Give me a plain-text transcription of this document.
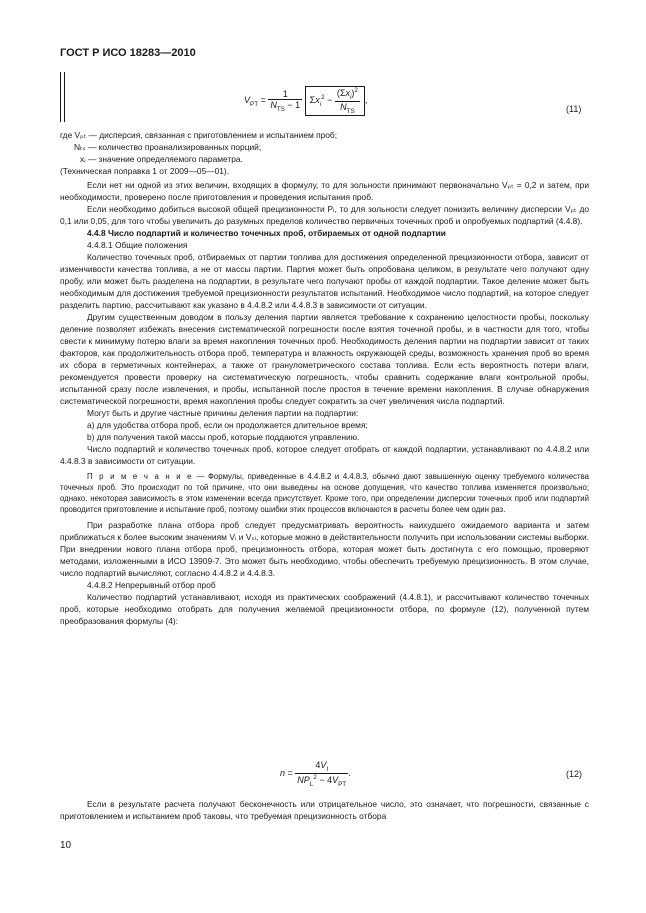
ГОСТ Р ИСО 18283—2010
$V_{PT} = \frac{1}{N_{TS} - 1} \Sigma x_i^2 - \frac{(\Sigma x_i)^2}{N_{TS}}$ ,
(11)

где Vₚₜ — дисперсия, связанная с приготовлением и испытанием проб;

Nₜₛ — количество проанализированных порций;

xᵢ — значение определяемого параметра.

(Техническая поправка 1 от 2009—05—01).

Если нет ни одной из этих величин, входящих в формулу, то для зольности принимают первоначально Vₚₜ = 0,2 и затем, при необходимости, проверено после приготовления и проведения испытания проб.

Если необходимо добиться высокой общей прецизионности Pₗ, то для зольности следует понизить величину дисперсии Vₚₜ до 0,1 или 0,05, для того чтобы увеличить до разумных пределов количество первичных точечных проб и опробуемых подпартий (4.4.8).

4.4.8 Число подпартий и количество точечных проб, отбираемых от одной подпартии

4.4.8.1 Общие положения

Количество точечных проб, отбираемых от партии топлива для достижения определенной прецизионности отбора, зависит от изменчивости качества топлива, а не от массы партии. Партия может быть опробована целиком, в результате чего получают одну пробу, или может быть разделена на подпартии, в результате чего получают пробы от каждой подпартии. Такое деление может быть необходимым для достижения требуемой прецизионности результатов испытаний. Необходимое число подпартий, на которое следует разделить партию, рассчитывают как указано в 4.4.8.2 или 4.4.8.3 в зависимости от ситуации.

Другим существенным доводом в пользу деления партии является требование к сохранению целостности пробы, поскольку деление позволяет избежать внесения систематической погрешности после взятия точечной пробы, и в частности для того, чтобы свести к минимуму потерю влаги за время накопления точечных проб. Необходимость деления партии на подпартии зависит от таких факторов, как продолжительность отбора проб, температура и влажность окружающей среды, возможность хранения проб во время их сбора в герметичных контейнерах, а также от гранулометрического состава топлива. Если есть вероятность потери влаги, рекомендуется провести проверку на систематическую погрешность, чтобы сравнить содержание влаги контрольной пробы, испытанной сразу после извлечения, и пробы, испытанной после простоя в течение времени накопления. В случае обнаружения систематической погрешности, время накопления пробы следует сократить за счет увеличения числа подпартий.

Могут быть и другие частные причины деления партии на подпартии:

а) для удобства отбора проб, если он продолжается длительное время;

b) для получения такой массы проб, которые поддаются управлению.

Число подпартий и количество точечных проб, которое следует отобрать от каждой подпартии, устанавливают по 4.4.8.2 или 4.4.8.3 в зависимости от ситуации.

П р и м е ч а н и е — Формулы, приведенные в 4.4.8.2 и 4.4.8.3, обычно дают завышенную оценку требуемого количества точечных проб. Это происходит по той причине, что они выведены на основе допущения, что качество топлива изменяется произвольно; однако, некоторая зависимость в этом изменении всегда присутствует. Кроме того, при определении дисперсии точечных проб или подпартий проводится приготовление и испытание проб, поэтому ошибки этих процессов включаются в расчеты более чем один раз.

При разработке плана отбора проб следует предусматривать вероятность наихудшего ожидаемого варианта и затем приближаться к более высоким значениям Vᵢ и Vₛₗ, которые можно в действительности получить при использовании системы выборки. При внедрении нового плана отбора проб, прецизионность отбора, которая может быть достигнута с его помощью, проверяют методами, изложенными в ИСО 13909-7. Это может быть необходимо, чтобы обеспечить требуемую прецизионность. В этом случае, число подпартий вычисляют, согласно 4.4.8.2 и 4.4.8.3.

4.4.8.2 Непрерывный отбор проб

Количество подпартий устанавливают, исходя из практических соображений (4.4.8.1), и рассчитывают количество точечных проб, которые необходимо отобрать для получения желаемой прецизионности отбора, по формуле (12), полученной путем преобразования формулы (4):

$n = \frac{4V_I}{NP_L^2 - 4V_{PT}}$ .	(12)

Если в результате расчета получают бесконечность или отрицательное число, это означает, что погрешности, связанные с приготовлением и испытанием проб таковы, что требуемая прецизионность отбора

10
